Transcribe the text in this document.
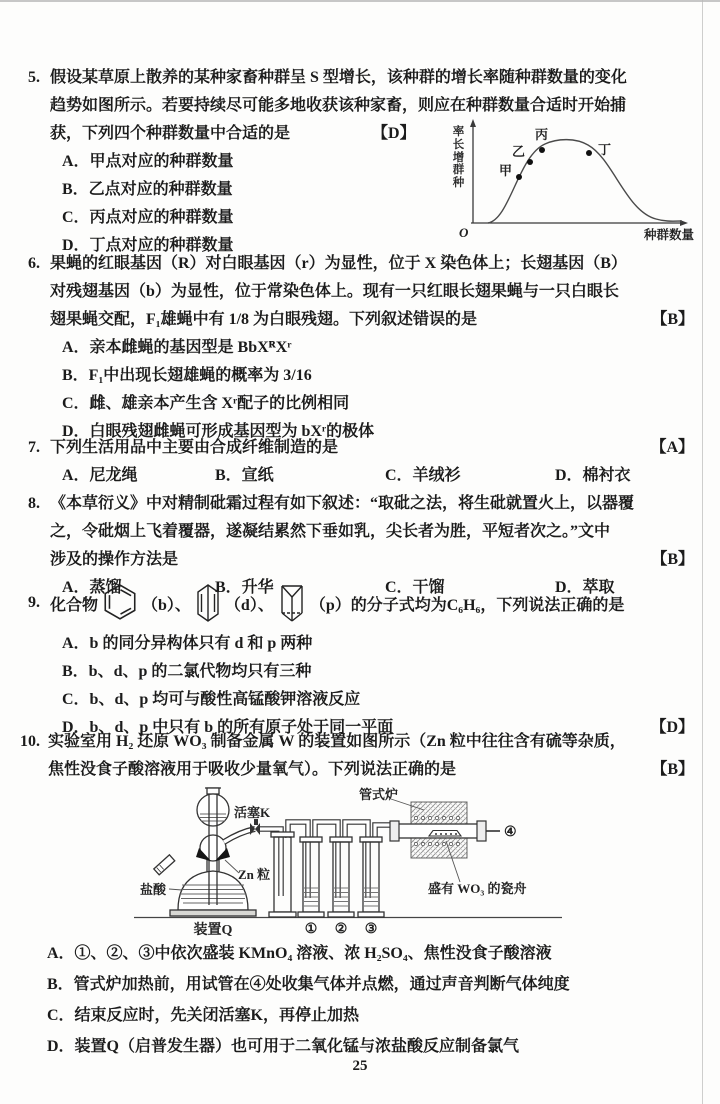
5. 假设某草原上散养的某种家畜种群呈 S 型增长，该种群的增长率随种群数量的变化
趋势如图所示。若要持续尽可能多地收获该种家畜，则应在种群数量合适时开始捕
获，下列四个种群数量中合适的是	【D】
A．甲点对应的种群数量
B．乙点对应的种群数量
C．丙点对应的种群数量
D．丁点对应的种群数量
甲
乙
丙
丁
O	种群数量
率长增群种
6. 果蝇的红眼基因（R）对白眼基因（r）为显性，位于 X 染色体上；长翅基因（B）
对残翅基因（b）为显性，位于常染色体上。现有一只红眼长翅果蝇与一只白眼长
翅果蝇交配，F₁雄蝇中有 1/8 为白眼残翅。下列叙述错误的是	【B】
A．亲本雌蝇的基因型是 BbXᴿXʳ
B．F₁中出现长翅雄蝇的概率为 3/16
C．雌、雄亲本产生含 Xʳ配子的比例相同
D．白眼残翅雌蝇可形成基因型为 bXʳ的极体
7. 下列生活用品中主要由合成纤维制造的是	【A】
A．尼龙绳	B．宣纸	C．羊绒衫	D．棉衬衣
8. 《本草衍义》中对精制砒霜过程有如下叙述：“取砒之法，将生砒就置火上，以器覆
之，令砒烟上飞着覆器，遂凝结累然下垂如乳，尖长者为胜，平短者次之。”文中
涉及的操作方法是	【B】
A．蒸馏	B．升华	C．干馏	D．萃取
9. 化合物	（b）、 （d）、 （p）的分子式均为C₆H₆，下列说法正确的是
A．b 的同分异构体只有 d 和 p 两种
B．b、d、p 的二氯代物均只有三种
C．b、d、p 均可与酸性高锰酸钾溶液反应
D．b、d、p 中只有 b 的所有原子处于同一平面	【D】
10. 实验室用 H₂ 还原 WO₃ 制备金属 W 的装置如图所示（Zn 粒中往往含有硫等杂质，
焦性没食子酸溶液用于吸收少量氧气）。下列说法正确的是	【B】
活塞K
Zn 粒
盐酸
装置Q
管式炉
盛有 WO₃ 的瓷舟
① ② ③
④
A．①、②、③中依次盛装 KMnO₄ 溶液、浓 H₂SO₄、焦性没食子酸溶液
B．管式炉加热前，用试管在④处收集气体并点燃，通过声音判断气体纯度
C．结束反应时，先关闭活塞K，再停止加热
D．装置Q（启普发生器）也可用于二氧化锰与浓盐酸反应制备氯气
25
